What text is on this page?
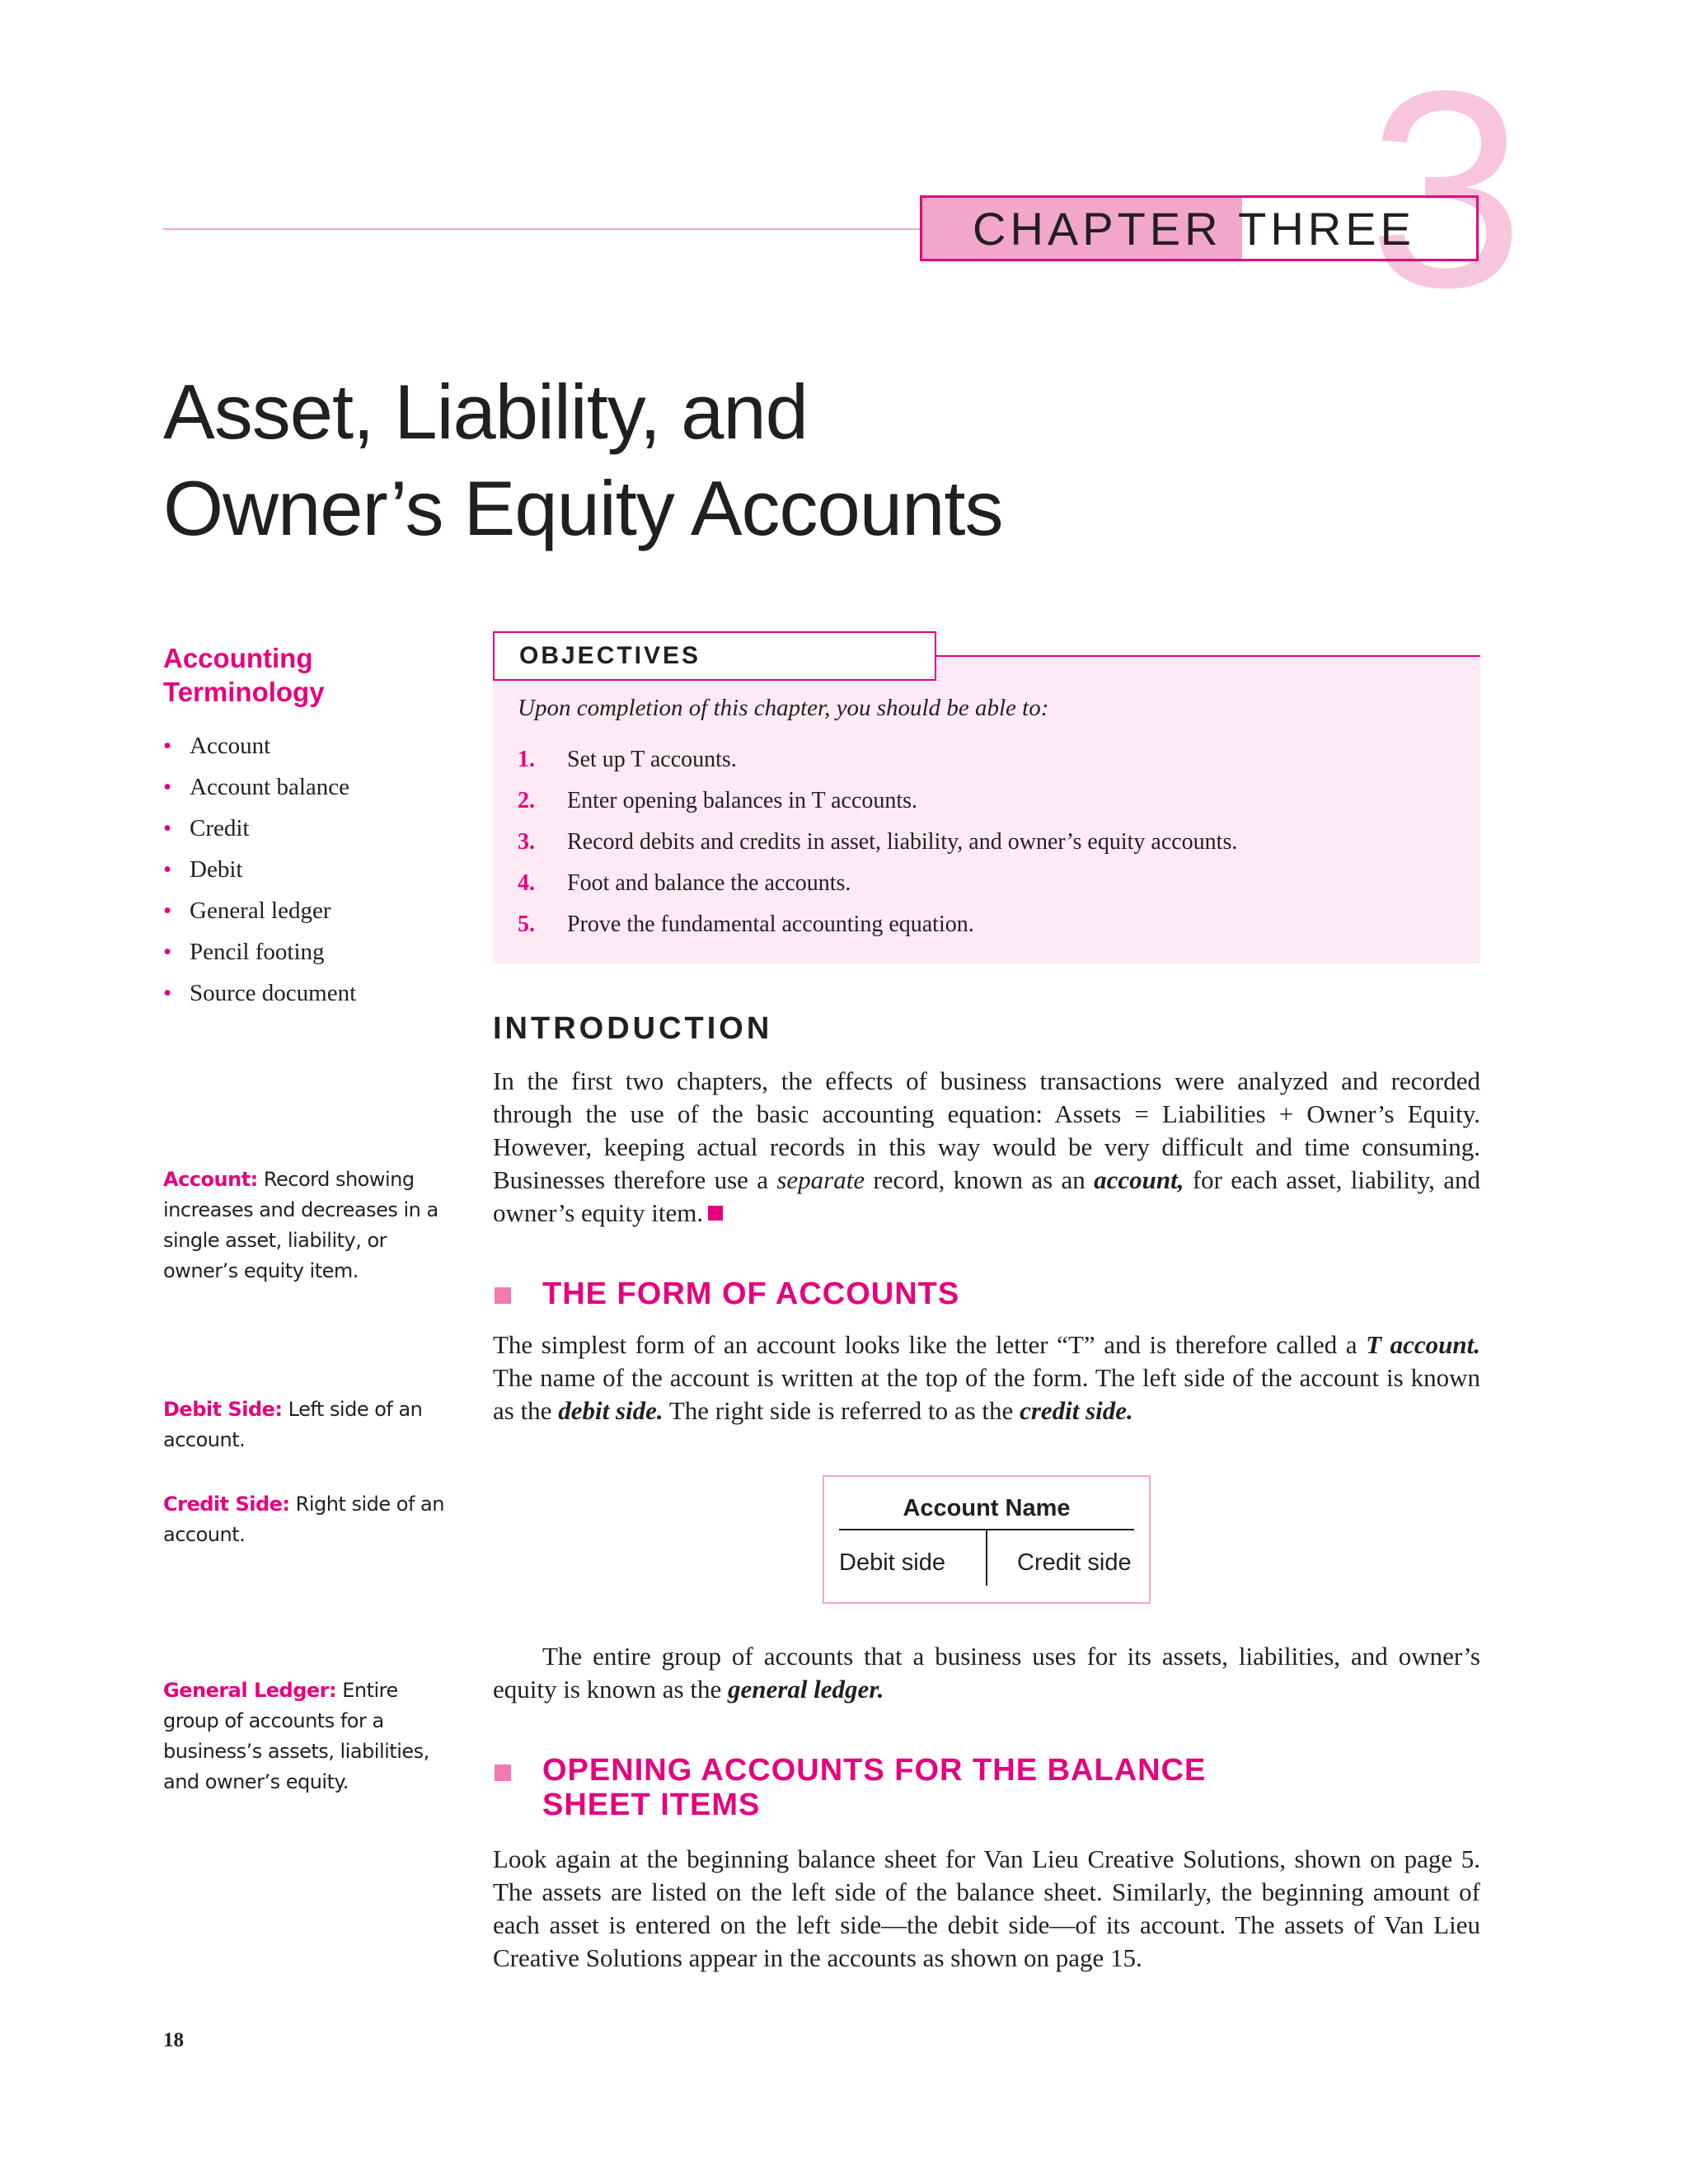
3
CHAPTER THREE
Asset, Liability, and
Owner’s Equity Accounts
Accounting
Terminology
• Account
• Account balance
• Credit
• Debit
• General ledger
• Pencil footing
• Source document
OBJECTIVES
Upon completion of this chapter, you should be able to:
1. Set up T accounts.
2. Enter opening balances in T accounts.
3. Record debits and credits in asset, liability, and owner’s equity accounts.
4. Foot and balance the accounts.
5. Prove the fundamental accounting equation.
INTRODUCTION
In the first two chapters, the effects of business transactions were analyzed and recorded through the use of the basic accounting equation: Assets = Liabilities + Owner’s Equity. However, keeping actual records in this way would be very difficult and time consuming. Businesses therefore use a separate record, known as an account, for each asset, liability, and owner’s equity item.
THE FORM OF ACCOUNTS
The simplest form of an account looks like the letter “T” and is therefore called a T account. The name of the account is written at the top of the form. The left side of the account is known as the debit side. The right side is referred to as the credit side.
Account Name
Debit side	Credit side
The entire group of accounts that a business uses for its assets, liabilities, and owner’s equity is known as the general ledger.
OPENING ACCOUNTS FOR THE BALANCE
SHEET ITEMS
Look again at the beginning balance sheet for Van Lieu Creative Solutions, shown on page 5. The assets are listed on the left side of the balance sheet. Similarly, the beginning amount of each asset is entered on the left side—the debit side—of its account. The assets of Van Lieu Creative Solutions appear in the accounts as shown on page 15.
Account: Record showing increases and decreases in a single asset, liability, or owner’s equity item.
Debit Side: Left side of an account.
Credit Side: Right side of an account.
General Ledger: Entire group of accounts for a business’s assets, liabilities, and owner’s equity.
18
